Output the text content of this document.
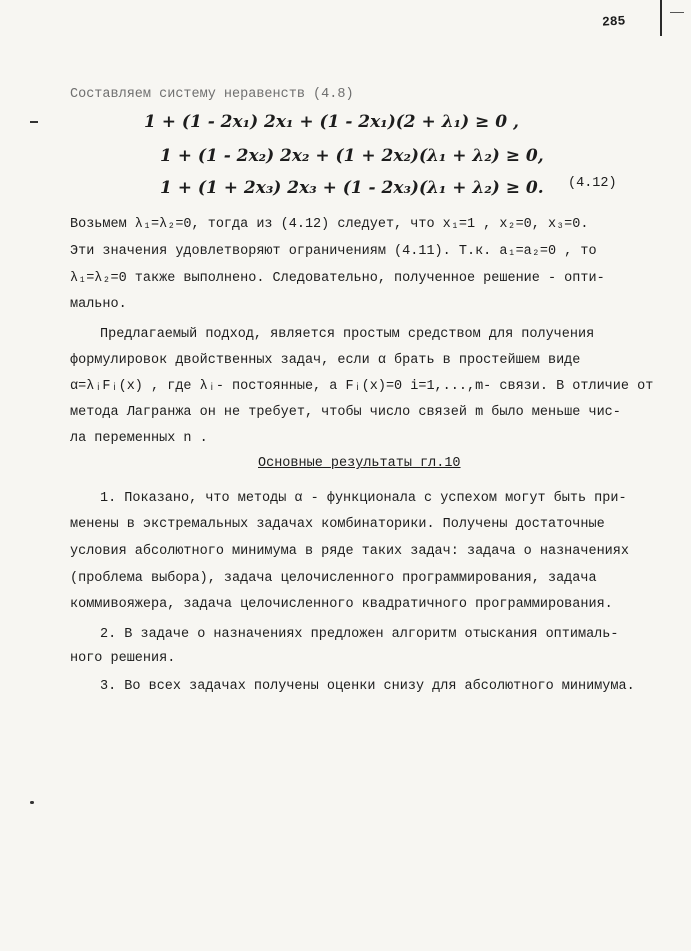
285
Составляем систему неравенств (4.8)
1 + (1 - 2x₁) 2x₁ + (1 - 2x₁)(2 + λ₁) ≥ 0 ,
1 + (1 - 2x₂) 2x₂ + (1 + 2x₂)(λ₁ + λ₂) ≥ 0,
1 + (1 + 2x₃) 2x₃ + (1 - 2x₃)(λ₁ + λ₂) ≥ 0. (4.12)
Возьмем λ₁=λ₂=0, тогда из (4.12) следует, что x₁=1 , x₂=0, x₃=0.
Эти значения удовлетворяют ограничениям (4.11). Т.к. a₁=a₂=0 , то
λ₁=λ₂=0 также выполнено. Следовательно, полученное решение - опти-
мально.
Предлагаемый подход, является простым средством для получения
формулировок двойственных задач, если α брать в простейшем виде
α=λᵢFᵢ(x) , где λᵢ- постоянные, а Fᵢ(x)=0 i=1,...,m- связи. В отличие от
метода Лагранжа он не требует, чтобы число связей m было меньше чис-
ла переменных n .
Основные результаты гл.10
1. Показано, что методы α - функционала с успехом могут быть при-
менены в экстремальных задачах комбинаторики. Получены достаточные
условия абсолютного минимума в ряде таких задач: задача о назначениях
(проблема выбора), задача целочисленного программирования, задача
коммивояжера, задача целочисленного квадратичного программирования.
2. В задаче о назначениях предложен алгоритм отыскания оптималь-
ного решения.
3. Во всех задачах получены оценки снизу для абсолютного минимума.
